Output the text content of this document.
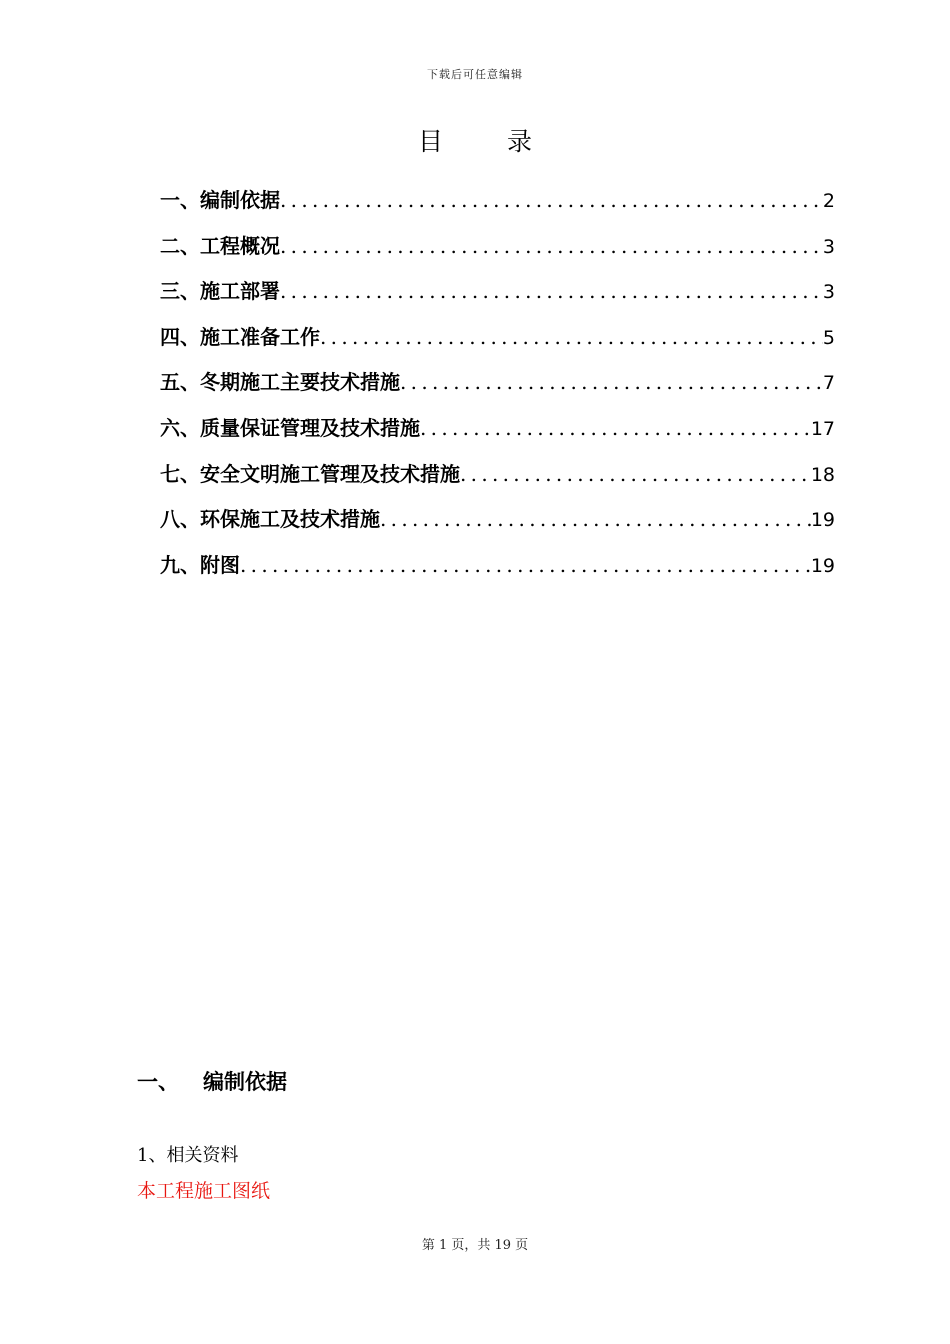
下载后可任意编辑
目 录
一、编制依据 .....	2
二、工程概况 .....	3
三、施工部署 .....	3
四、施工准备工作 .....	5
五、冬期施工主要技术措施 .....	7
六、质量保证管理及技术措施 .....	17
七、安全文明施工管理及技术措施 .....	18
八、环保施工及技术措施 .....	19
九、附图 .....	19
一、 编制依据
1、相关资料
本工程施工图纸
第 1 页，共 19 页
